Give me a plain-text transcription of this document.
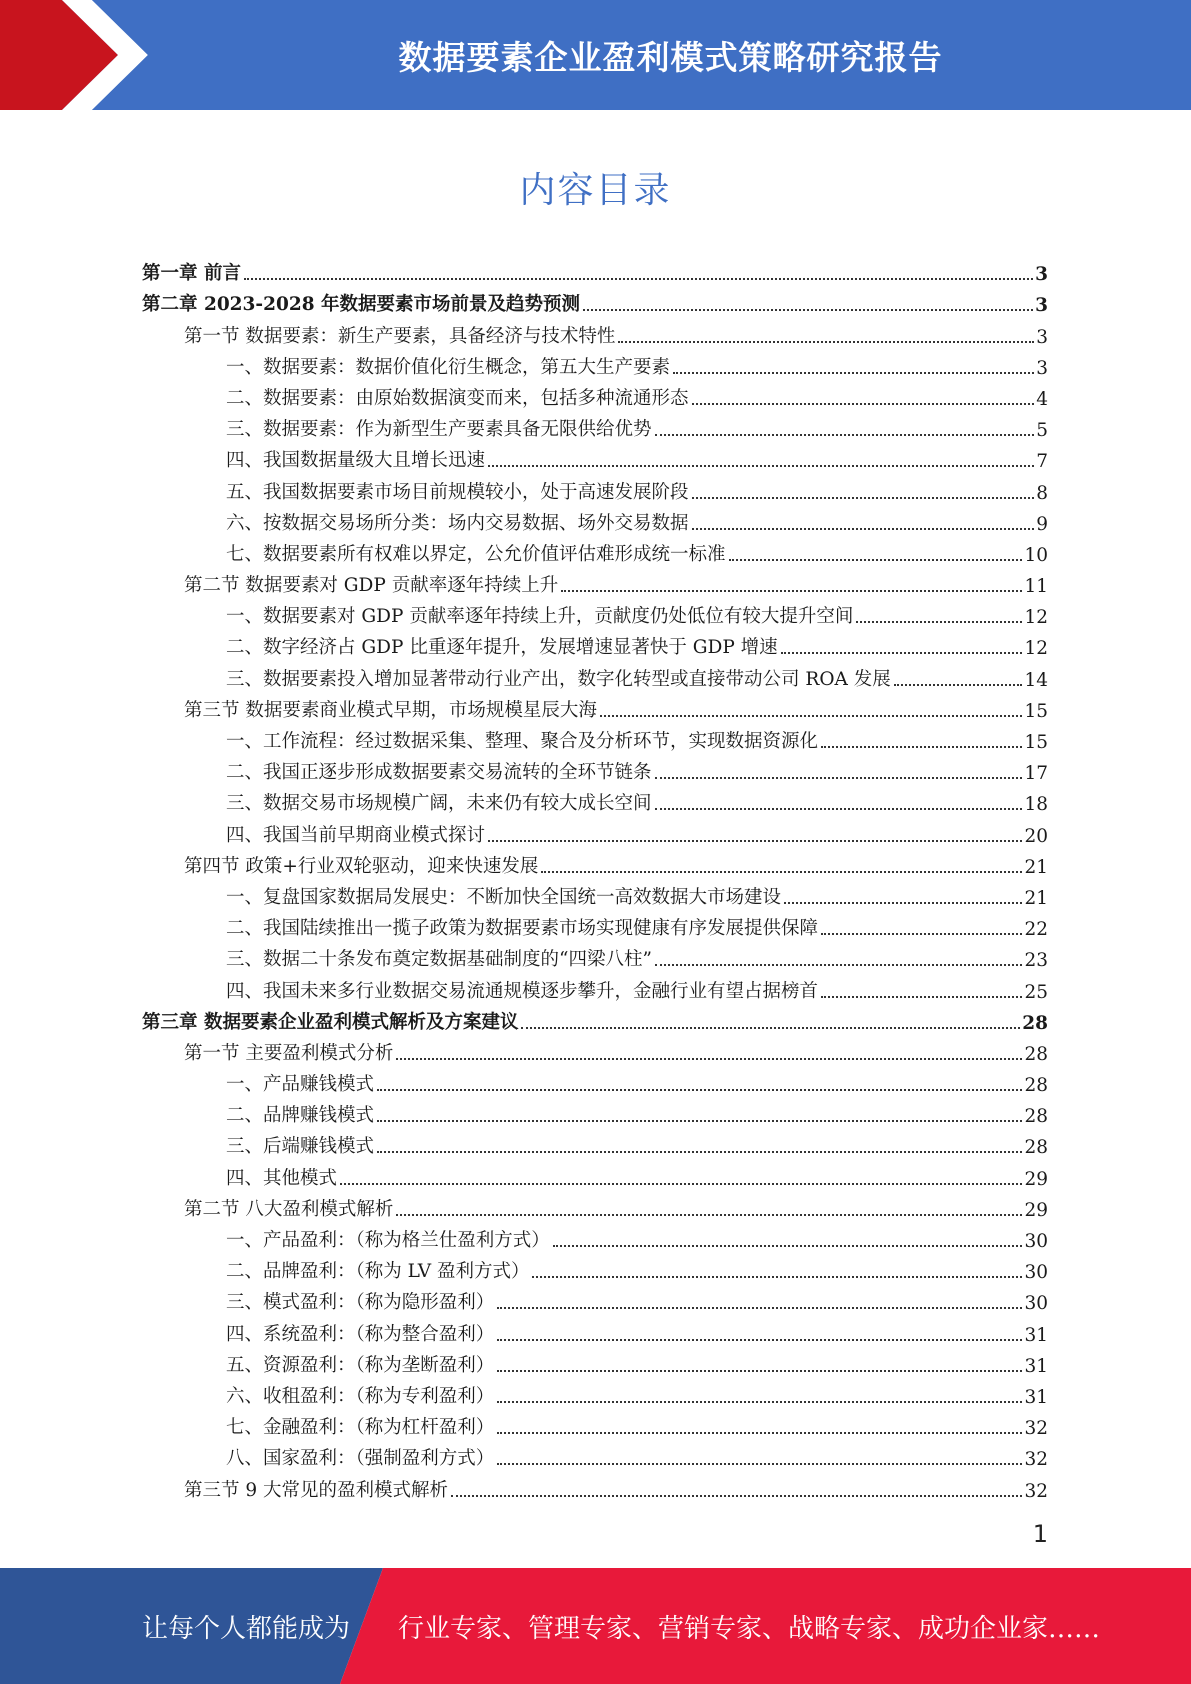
数据要素企业盈利模式策略研究报告
内容目录
第一章 前言	3
第二章 2023-2028 年数据要素市场前景及趋势预测	3
第一节 数据要素：新生产要素，具备经济与技术特性	3
一、数据要素：数据价值化衍生概念，第五大生产要素	3
二、数据要素：由原始数据演变而来，包括多种流通形态	4
三、数据要素：作为新型生产要素具备无限供给优势	5
四、我国数据量级大且增长迅速	7
五、我国数据要素市场目前规模较小，处于高速发展阶段	8
六、按数据交易场所分类：场内交易数据、场外交易数据	9
七、数据要素所有权难以界定，公允价值评估难形成统一标准	10
第二节 数据要素对 GDP 贡献率逐年持续上升	11
一、数据要素对 GDP 贡献率逐年持续上升，贡献度仍处低位有较大提升空间	12
二、数字经济占 GDP 比重逐年提升，发展增速显著快于 GDP 增速	12
三、数据要素投入增加显著带动行业产出，数字化转型或直接带动公司 ROA 发展	14
第三节 数据要素商业模式早期，市场规模星辰大海	15
一、工作流程：经过数据采集、整理、聚合及分析环节，实现数据资源化	15
二、我国正逐步形成数据要素交易流转的全环节链条	17
三、数据交易市场规模广阔，未来仍有较大成长空间	18
四、我国当前早期商业模式探讨	20
第四节 政策+行业双轮驱动，迎来快速发展	21
一、复盘国家数据局发展史：不断加快全国统一高效数据大市场建设	21
二、我国陆续推出一揽子政策为数据要素市场实现健康有序发展提供保障	22
三、数据二十条发布奠定数据基础制度的“四梁八柱”	23
四、我国未来多行业数据交易流通规模逐步攀升，金融行业有望占据榜首	25
第三章 数据要素企业盈利模式解析及方案建议	28
第一节 主要盈利模式分析	28
一、产品赚钱模式	28
二、品牌赚钱模式	28
三、后端赚钱模式	28
四、其他模式	29
第二节 八大盈利模式解析	29
一、产品盈利：（称为格兰仕盈利方式）	30
二、品牌盈利：（称为 LV 盈利方式）	30
三、模式盈利：（称为隐形盈利）	30
四、系统盈利：（称为整合盈利）	31
五、资源盈利：（称为垄断盈利）	31
六、收租盈利：（称为专利盈利）	31
七、金融盈利：（称为杠杆盈利）	32
八、国家盈利：（强制盈利方式）	32
第三节 9 大常见的盈利模式解析	32
1
让每个人都能成为 行业专家、管理专家、营销专家、战略专家、成功企业家……
